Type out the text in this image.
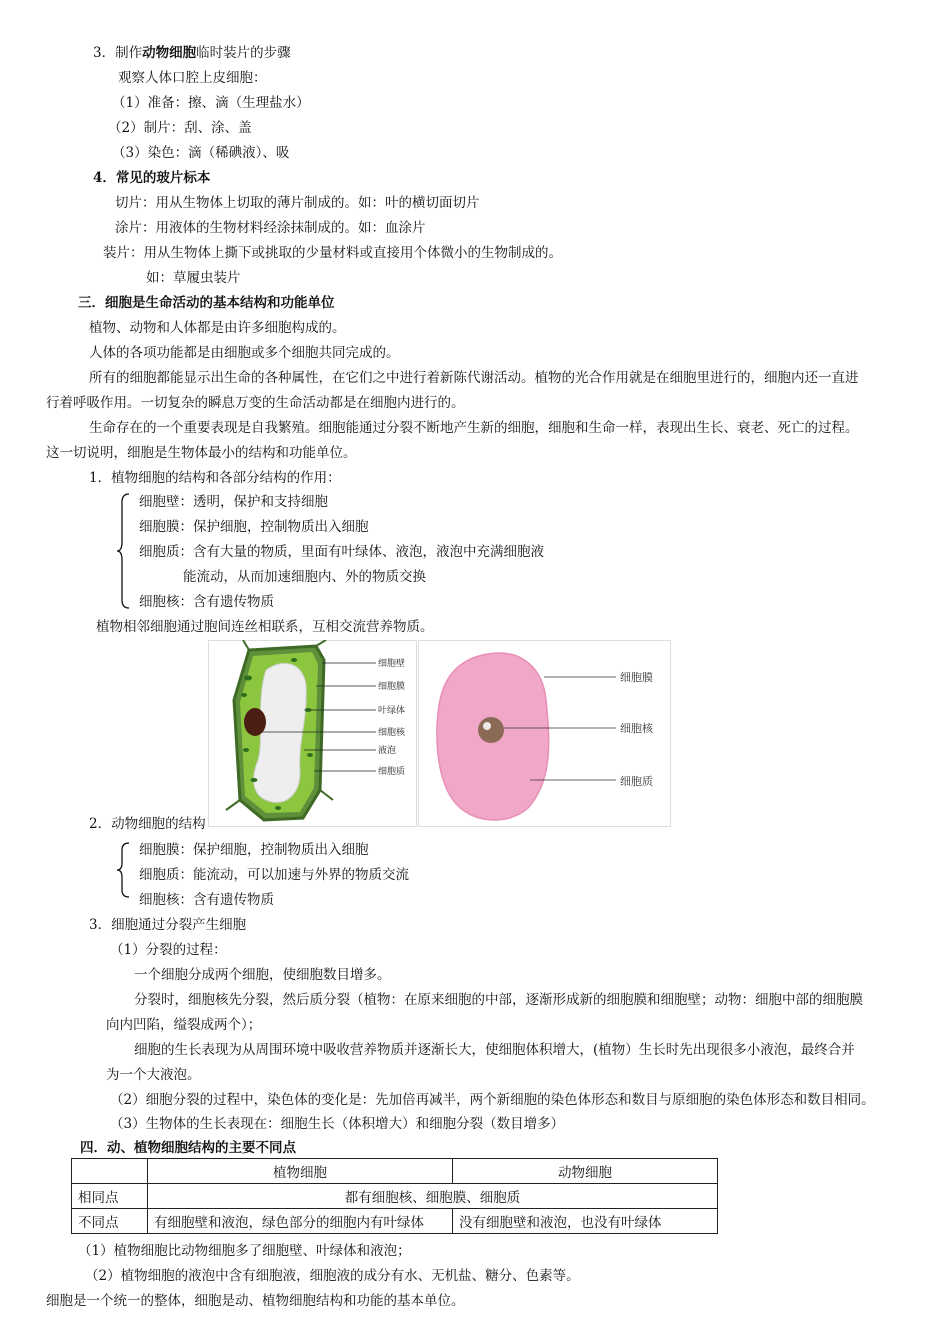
3．制作动物细胞临时装片的步骤
观察人体口腔上皮细胞：
（1）准备：擦、滴（生理盐水）
（2）制片：刮、涂、盖
（3）染色：滴（稀碘液）、吸
4．常见的玻片标本
切片：用从生物体上切取的薄片制成的。如：叶的横切面切片
涂片：用液体的生物材料经涂抹制成的。如：血涂片
装片：用从生物体上撕下或挑取的少量材料或直接用个体微小的生物制成的。
如：草履虫装片
三．细胞是生命活动的基本结构和功能单位
植物、动物和人体都是由许多细胞构成的。
人体的各项功能都是由细胞或多个细胞共同完成的。
所有的细胞都能显示出生命的各种属性，在它们之中进行着新陈代谢活动。植物的光合作用就是在细胞里进行的，细胞内还一直进
行着呼吸作用。一切复杂的瞬息万变的生命活动都是在细胞内进行的。
生命存在的一个重要表现是自我繁殖。细胞能通过分裂不断地产生新的细胞，细胞和生命一样，表现出生长、衰老、死亡的过程。
这一切说明，细胞是生物体最小的结构和功能单位。
1．植物细胞的结构和各部分结构的作用：
细胞壁：透明，保护和支持细胞
细胞膜：保护细胞，控制物质出入细胞
细胞质：含有大量的物质，里面有叶绿体、液泡，液泡中充满细胞液
能流动，从而加速细胞内、外的物质交换
细胞核：含有遗传物质
植物相邻细胞通过胞间连丝相联系，互相交流营养物质。
细胞壁
细胞膜
叶绿体
细胞核
液泡
细胞质
细胞膜
细胞核
细胞质
2．动物细胞的结构
细胞膜：保护细胞，控制物质出入细胞
细胞质：能流动，可以加速与外界的物质交流
细胞核：含有遗传物质
3．细胞通过分裂产生细胞
（1）分裂的过程：
一个细胞分成两个细胞，使细胞数目增多。
分裂时，细胞核先分裂，然后质分裂（植物：在原来细胞的中部，逐渐形成新的细胞膜和细胞壁；动物：细胞中部的细胞膜
向内凹陷，缢裂成两个）；
细胞的生长表现为从周围环境中吸收营养物质并逐渐长大，使细胞体积增大，(植物）生长时先出现很多小液泡，最终合并
为一个大液泡。
（2）细胞分裂的过程中，染色体的变化是：先加倍再减半，两个新细胞的染色体形态和数目与原细胞的染色体形态和数目相同。
（3）生物体的生长表现在：细胞生长（体积增大）和细胞分裂（数目增多）
四．动、植物细胞结构的主要不同点
	植物细胞	动物细胞
相同点	都有细胞核、细胞膜、细胞质	
不同点	有细胞壁和液泡，绿色部分的细胞内有叶绿体	没有细胞壁和液泡，也没有叶绿体
（1）植物细胞比动物细胞多了细胞壁、叶绿体和液泡；
（2）植物细胞的液泡中含有细胞液，细胞液的成分有水、无机盐、糖分、色素等。
细胞是一个统一的整体，细胞是动、植物细胞结构和功能的基本单位。
